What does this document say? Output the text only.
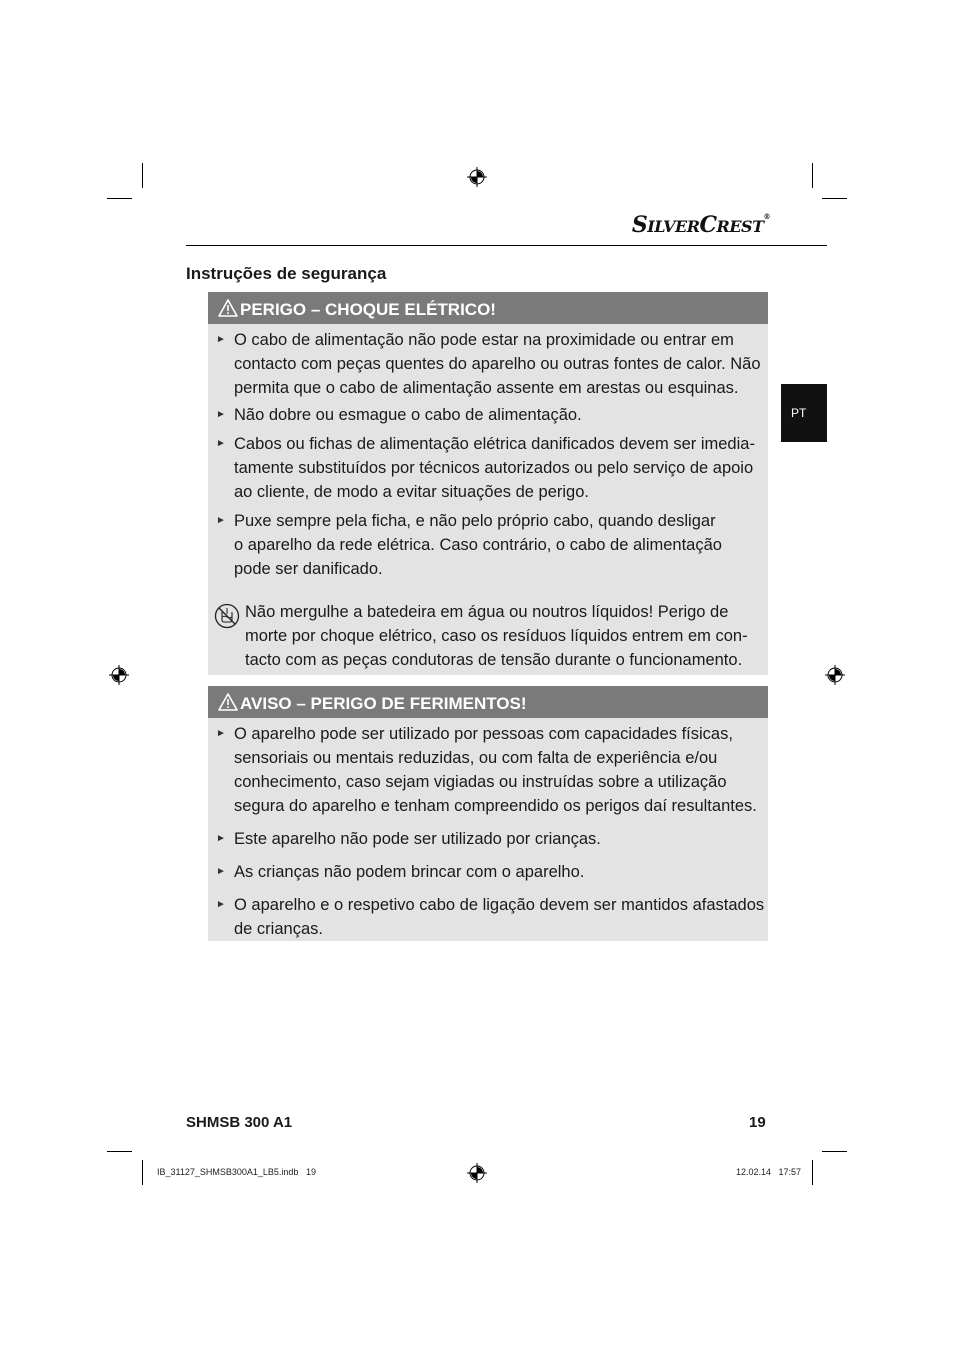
SILVERCREST®
Instruções de segurança
PT
PERIGO – CHOQUE ELÉTRICO!
► O cabo de alimentação não pode estar na proximidade ou entrar em
contacto com peças quentes do aparelho ou outras fontes de calor. Não
permita que o cabo de alimentação assente em arestas ou esquinas.
► Não dobre ou esmague o cabo de alimentação.
► Cabos ou fichas de alimentação elétrica danificados devem ser imedia-
tamente substituídos por técnicos autorizados ou pelo serviço de apoio
ao cliente, de modo a evitar situações de perigo.
► Puxe sempre pela ficha, e não pelo próprio cabo, quando desligar
o aparelho da rede elétrica. Caso contrário, o cabo de alimentação
pode ser danificado.
Não mergulhe a batedeira em água ou noutros líquidos! Perigo de
morte por choque elétrico, caso os resíduos líquidos entrem em con-
tacto com as peças condutoras de tensão durante o funcionamento.
AVISO – PERIGO DE FERIMENTOS!
► O aparelho pode ser utilizado por pessoas com capacidades físicas,
sensoriais ou mentais reduzidas, ou com falta de experiência e/ou
conhecimento, caso sejam vigiadas ou instruídas sobre a utilização
segura do aparelho e tenham compreendido os perigos daí resultantes.
► Este aparelho não pode ser utilizado por crianças.
► As crianças não podem brincar com o aparelho.
► O aparelho e o respetivo cabo de ligação devem ser mantidos afastados
de crianças.
SHMSB 300 A1	19
IB_31127_SHMSB300A1_LB5.indb   19	12.02.14   17:57
